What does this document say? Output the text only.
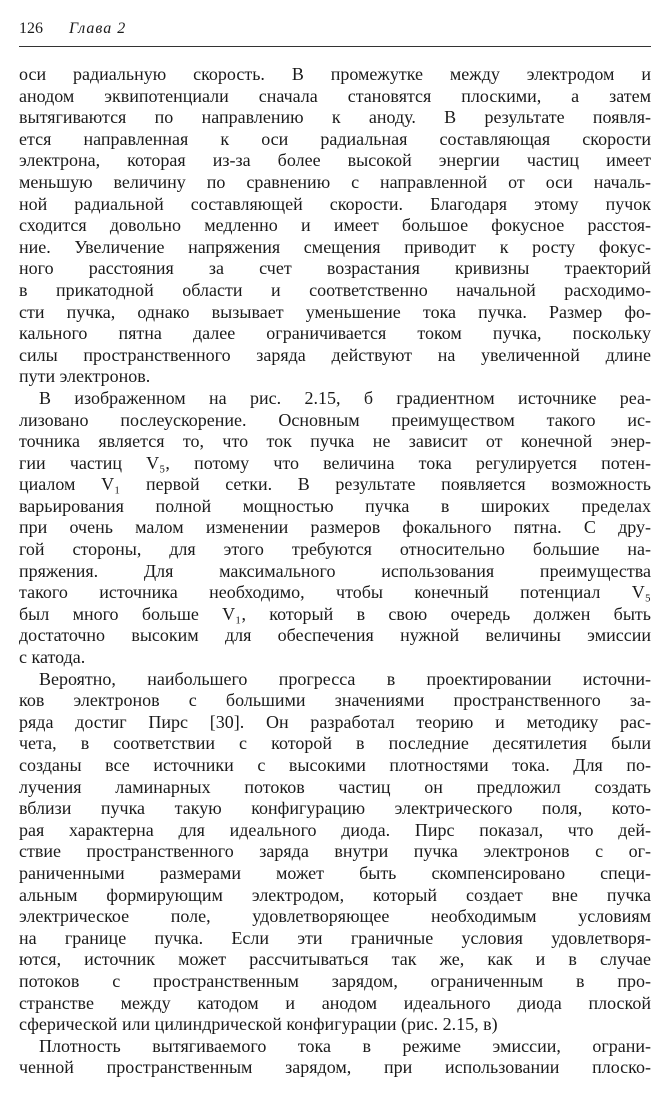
126 Глава 2
оси радиальную скорость. В промежутке между электродом и
анодом эквипотенциали сначала становятся плоскими, а затем
вытягиваются по направлению к аноду. В результате появля-
ется направленная к оси радиальная составляющая скорости
электрона, которая из-за более высокой энергии частиц имеет
меньшую величину по сравнению с направленной от оси началь-
ной радиальной составляющей скорости. Благодаря этому пучок
сходится довольно медленно и имеет большое фокусное расстоя-
ние. Увеличение напряжения смещения приводит к росту фокус-
ного расстояния за счет возрастания кривизны траекторий
в прикатодной области и соответственно начальной расходимо-
сти пучка, однако вызывает уменьшение тока пучка. Размер фо-
кального пятна далее ограничивается током пучка, поскольку
силы пространственного заряда действуют на увеличенной длине
пути электронов.
В изображенном на рис. 2.15, б градиентном источнике реа-
лизовано послеускорение. Основным преимуществом такого ис-
точника является то, что ток пучка не зависит от конечной энер-
гии частиц V₅, потому что величина тока регулируется потен-
циалом V₁ первой сетки. В результате появляется возможность
варьирования полной мощностью пучка в широких пределах
при очень малом изменении размеров фокального пятна. С дру-
гой стороны, для этого требуются относительно большие на-
пряжения. Для максимального использования преимущества
такого источника необходимо, чтобы конечный потенциал V₅
был много больше V₁, который в свою очередь должен быть
достаточно высоким для обеспечения нужной величины эмиссии
с катода.
Вероятно, наибольшего прогресса в проектировании источни-
ков электронов с большими значениями пространственного за-
ряда достиг Пирс [30]. Он разработал теорию и методику рас-
чета, в соответствии с которой в последние десятилетия были
созданы все источники с высокими плотностями тока. Для по-
лучения ламинарных потоков частиц он предложил создать
вблизи пучка такую конфигурацию электрического поля, кото-
рая характерна для идеального диода. Пирс показал, что дей-
ствие пространственного заряда внутри пучка электронов с ог-
раниченными размерами может быть скомпенсировано специ-
альным формирующим электродом, который создает вне пучка
электрическое поле, удовлетворяющее необходимым условиям
на границе пучка. Если эти граничные условия удовлетворя-
ются, источник может рассчитываться так же, как и в случае
потоков с пространственным зарядом, ограниченным в про-
странстве между катодом и анодом идеального диода плоской
сферической или цилиндрической конфигурации (рис. 2.15, в)
Плотность вытягиваемого тока в режиме эмиссии, ограни-
ченной пространственным зарядом, при использовании плоско-
